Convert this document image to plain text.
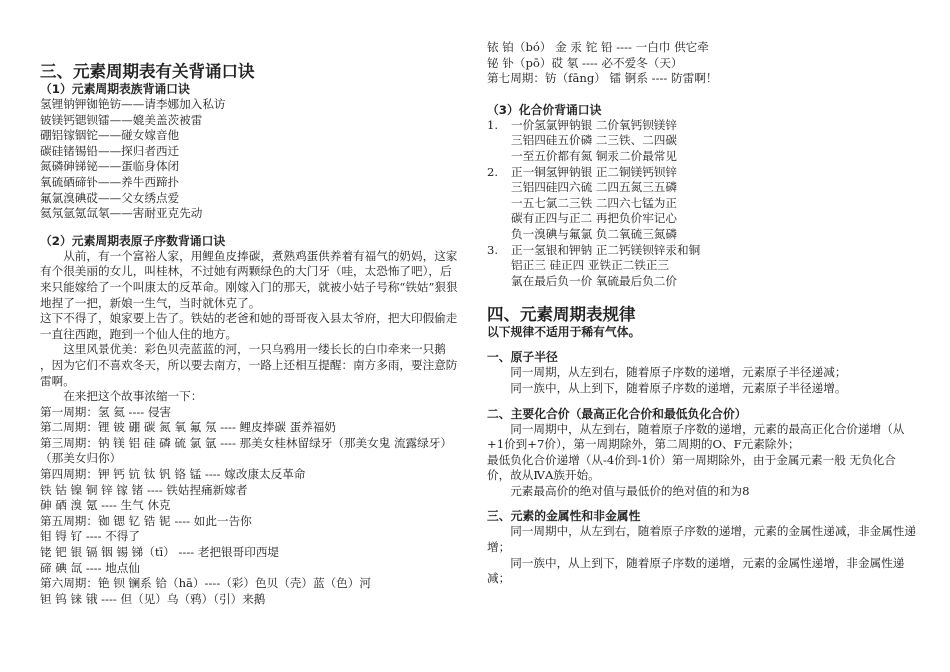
三、元素周期表有关背诵口诀
（1）元素周期表族背诵口诀
氢锂钠钾铷铯钫——请李娜加入私访
铍镁钙锶钡镭——媲美盖茨被雷
硼铝镓铟铊——碰女嫁音他
碳硅锗锡铅——探归者西迁
氮磷砷锑铋——蛋临身体闭
氧硫硒碲钋——养牛西蹄扑
氟氯溴碘砹——父女绣点爱
氦氖氩氪氙氡——害耐亚克先动
（2）元素周期表原子序数背诵口诀
从前，有一个富裕人家，用鲤鱼皮捧碳，煮熟鸡蛋供养着有福气的奶妈，这家有个很美丽的女儿，叫桂林，不过她有两颗绿色的大门牙（哇，太恐怖了吧），后来只能嫁给了一个叫康太的反革命。刚嫁入门的那天，就被小姑子号称“铁姑”狠狠地捏了一把，新娘一生气，当时就休克了。
这下不得了，娘家要上告了。铁姑的老爸和她的哥哥夜入县太爷府，把大印假偷走一直往西跑，跑到一个仙人住的地方。
这里风景优美：彩色贝壳蓝蓝的河，一只乌鸦用一缕长长的白巾牵来一只鹅 ，因为它们不喜欢冬天，所以要去南方，一路上还相互提醒：南方多雨，要注意防雷啊。
在来把这个故事浓缩一下：
第一周期：氢 氦 ---- 侵害
第二周期：锂 铍 硼 碳 氮 氧 氟 氖 ---- 鲤皮捧碳 蛋养福奶
第三周期：钠 镁 铝 硅 磷 硫 氯 氩 ---- 那美女桂林留绿牙（那美女鬼 流露绿牙）（那美女归你）
第四周期：钾 钙 钪 钛 钒 铬 锰 ---- 嫁改康太反革命
铁 钴 镍 铜 锌 镓 锗 ---- 铁姑捏痛新嫁者
砷 硒 溴 氪 ---- 生气 休克
第五周期：铷 锶 钇 锆 铌 ---- 如此一告你
钼 锝 钌 ---- 不得了
铑 钯 银 镉 铟 锡 锑（tī） ---- 老把银哥印西堤
碲 碘 氙 ---- 地点仙
第六周期：铯 钡 镧系 铪（hā）----（彩）色贝（壳）蓝（色）河
钽 钨 铼 锇 ---- 但（见）乌（鸦）（引）来鹅
铱 铂（bó） 金 汞 铊 铅 ---- 一白巾 供它牵
铋 钋（pō）砹 氡 ---- 必不爱冬（天）
第七周期：钫（fāng） 镭 锕系 ---- 防雷啊！
（3）化合价背诵口诀
1.	一价氢氯钾钠银 二价氧钙钡镁锌
三铝四硅五价磷 二三铁、二四碳
一至五价都有氮 铜汞二价最常见
2.	正一铜氢钾钠银 正二铜镁钙钡锌
三铝四硅四六硫 二四五氮三五磷
一五七氯二三铁 二四六七锰为正
碳有正四与正二 再把负价牢记心
负一溴碘与氟氯 负二氧硫三氮磷
3.	正一氢银和钾钠 正二钙镁钡锌汞和铜
铝正三 硅正四 亚铁正二铁正三
氯在最后负一价 氧硫最后负二价
四、元素周期表规律
以下规律不适用于稀有气体。
一、原子半径
同一周期，从左到右，随着原子序数的递增，元素原子半径递减；
同一族中，从上到下，随着原子序数的递增，元素原子半径递增。
二、主要化合价（最高正化合价和最低负化合价）
同一周期中，从左到右，随着原子序数的递增，元素的最高正化合价递增（从+1价到+7价），第一周期除外，第二周期的O、F元素除外；
最低负化合价递增（从-4价到-1价）第一周期除外，由于金属元素一般 无负化合价，故从ⅣA族开始。
元素最高价的绝对值与最低价的绝对值的和为8
三、元素的金属性和非金属性
同一周期中，从左到右，随着原子序数的递增，元素的金属性递减，非金属性递增；
同一族中，从上到下，随着原子序数的递增，元素的金属性递增，非金属性递减；
